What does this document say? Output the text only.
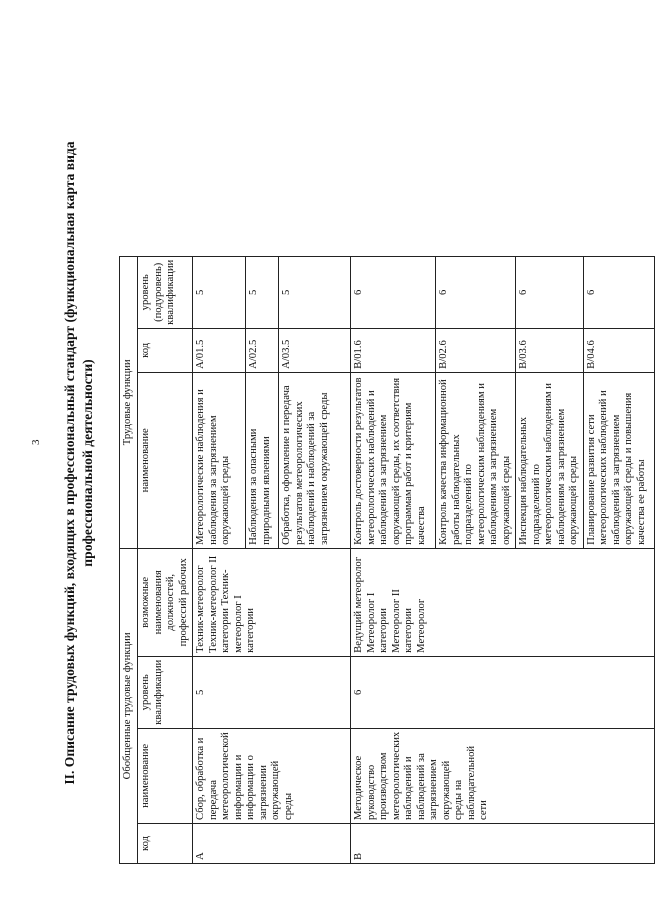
3	II. Описание трудовых функций, входящих в профессиональный стандарт (функциональная карта вида профессиональной деятельности)

Обобщенные трудовые функции				Трудовые функции		
код	наименование	уровень квалификации	возможные наименования должностей, профессий рабочих	наименование	код	уровень (подуровень) квалификации
A	Сбор, обработка и передача метеорологической информации и информации о загрязнении окружающей среды	5	Техник-метеоролог Техник-метеоролог II категории Техник-метеоролог I категории	Метеорологические наблюдения и наблюдения за загрязнением окружающей среды	A/01.5	5
				Наблюдения за опасными природными явлениями	A/02.5	5
				Обработка, оформление и передача результатов метеорологических наблюдений и наблюдений за загрязнением окружающей среды	A/03.5	5
B	Методическое руководство производством метеорологических наблюдений и наблюдений за загрязнением окружающей среды на наблюдательной сети	6	Ведущий метеоролог Метеоролог I категории Метеоролог II категории Метеоролог	Контроль достоверности результатов метеорологических наблюдений и наблюдений за загрязнением окружающей среды, их соответствия программам работ и критериям качества	B/01.6	6
				Контроль качества информационной работы наблюдательных подразделений по метеорологическим наблюдениям и наблюдениям за загрязнением окружающей среды	B/02.6	6
				Инспекция наблюдательных подразделений по метеорологическим наблюдениям и наблюдениям за загрязнением окружающей среды	B/03.6	6
				Планирование развития сети метеорологических наблюдений и наблюдений за загрязнением окружающей среды и повышения качества ее работы	B/04.6	6
